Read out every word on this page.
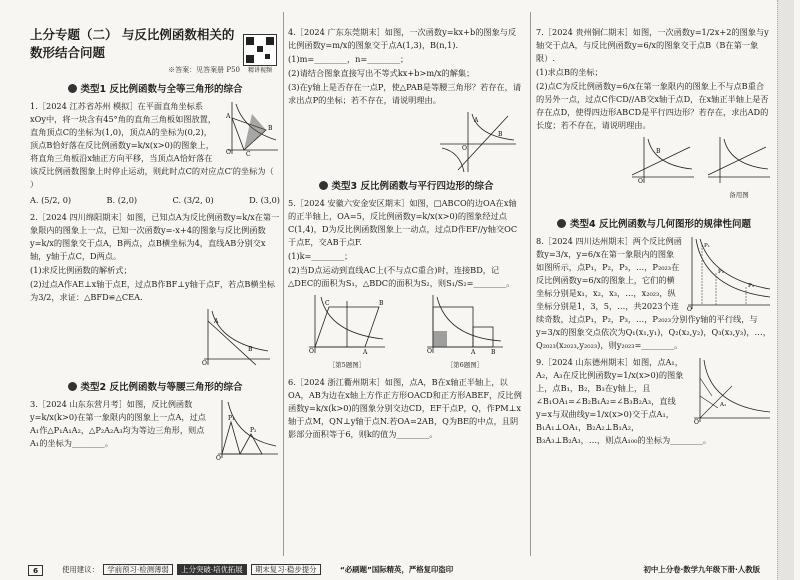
上分专题（二） 与反比例函数相关的数形结合问题
※答案：见答案册 P50
类型1 反比例函数与全等三角形的综合
O	C
A
B

1.［2024 江苏省苏州 模拟］在平面直角坐标系xOy中，将一块含有45°角的直角三角板如图放置，直角顶点C的坐标为(1,0)，顶点A的坐标为(0,2)，顶点B恰好落在反比例函数y=k/x(x>0)的图象上，将直角三角板沿x轴正方向平移，当顶点A恰好落在该反比例函数图象上时停止运动，则此时点C的对应点C′的坐标为（ ）

A. (5/2, 0)	B. (2,0)	C. (3/2, 0)	D. (3,0)

2.［2024 四川绵阳期末］如图，已知点A为反比例函数y=k/x在第一象限内的图象上一点，已知一次函数y=-x+4的图象与反比例函数y=k/x的图象交于点A，B两点，点B横坐标为4，直线AB分别交x轴，y轴于点C，D两点。

(1)求反比例函数的解析式；

(2)过点A作AE⊥x轴于点E，过点B作BF⊥y轴于点F，若点B横坐标为3/2，求证：△BFD≌△CEA.

O
A
B
类型2 反比例函数与等腰三角形的综合
P₁
P₂
O

3.［2024 山东东营月考］如图，反比例函数y=k/x(k>0)在第一象限内的图象上一点A，过点A₁作△P₁A₁A₂，△P₂A₂A₃均为等边三角形，则点A₁的坐标为________。

精讲视频

4.［2024 广东东莞期末］如图，一次函数y=kx+b的图象与反比例函数y=m/x的图象交于点A(1,3)，B(n,1).

(1)m=________，n=________；

(2)请结合图象直接写出不等式kx+b>m/x的解集；

(3)在y轴上是否存在一点P，使△PAB是等腰三角形？若存在，请求出点P的坐标；若不存在，请说明理由。

A
B
O
类型3 反比例函数与平行四边形的综合

5.［2024 安徽六安金安区期末］如图，□ABCO的边OA在x轴的正半轴上，OA=5，反比例函数y=k/x(x>0)的图象经过点C(1,4)，D为反比例函数图象上一动点，过点D作EF//y轴交OC于点E，交AB于点F.

(1)k=________；

(2)当D点运动到直线AC上(不与点C重合)时，连接BD，记△DEC的面积为S₁，△BDC的面积为S₂，则S₁/S₂=________。

C	B
O	A
［第5题图］
O	A	B
［第6题图］

6.［2024 浙江衢州期末］如图，点A，B在x轴正半轴上，以OA，AB为边在x轴上方作正方形OACD和正方形ABEF，反比例函数y=k/x(k>0)的图象分别交边CD，EF于点P，Q，作PM⊥x轴于点M，QN⊥y轴于点N.若OA=2AB，Q为BE的中点，且阴影部分面积等于6，则k的值为________。

7.［2024 贵州铜仁期末］如图，一次函数y=1/2x+2的图象与y轴交于点A，与反比例函数y=6/x的图象交于点B（B在第一象限）.

(1)求点B的坐标；

(2)点C为反比例函数y=6/x在第一象限内的图象上不与点B重合的另外一点，过点C作CD//AB交x轴于点D，在x轴正半轴上是否存在点D，使得四边形ABCD是平行四边形？若存在，求出AD的长度；若不存在，请说明理由。

O
B
备用图
类型4 反比例函数与几何图形的规律性问题
P₁
P₂
P₃
O

8.［2024 四川达州期末］两个反比例函数y=3/x，y=6/x在第一象限内的图象如图所示，点P₁，P₂，P₃，…，P₂₀₂₃在反比例函数y=6/x的图象上，它们的横坐标分别是x₁，x₂，x₃，…，x₂₀₂₃，纵坐标分别是1，3，5，…，共2023个连续奇数，过点P₁，P₂，P₃，…，P₂₀₂₃分别作y轴的平行线，与y=3/x的图象交点依次为Q₁(x₁,y₁)，Q₂(x₂,y₂)，Q₃(x₃,y₃)，…，Q₂₀₂₃(x₂₀₂₃,y₂₀₂₃)，则y₂₀₂₃=________。

O
A₁

9.［2024 山东德州期末］如图，点A₁，A₂，A₃在反比例函数y=1/x(x>0)的图象上，点B₁，B₂，B₃在y轴上，且∠B₁OA₁=∠B₂B₁A₂=∠B₃B₂A₃，直线y=x与双曲线y=1/x(x>0)交于点A₁，B₁A₁⊥OA₁，B₂A₂⊥B₁A₂，B₃A₃⊥B₂A₃，…，则点A₁₀₀的坐标为________。

6	使用建议： 学前预习·检测薄弱 上分突破·培优拓展 期末复习·稳步提分	“必刷题”国际精英，严格复印盗印	初中上分卷·数学九年级下册·人教版
